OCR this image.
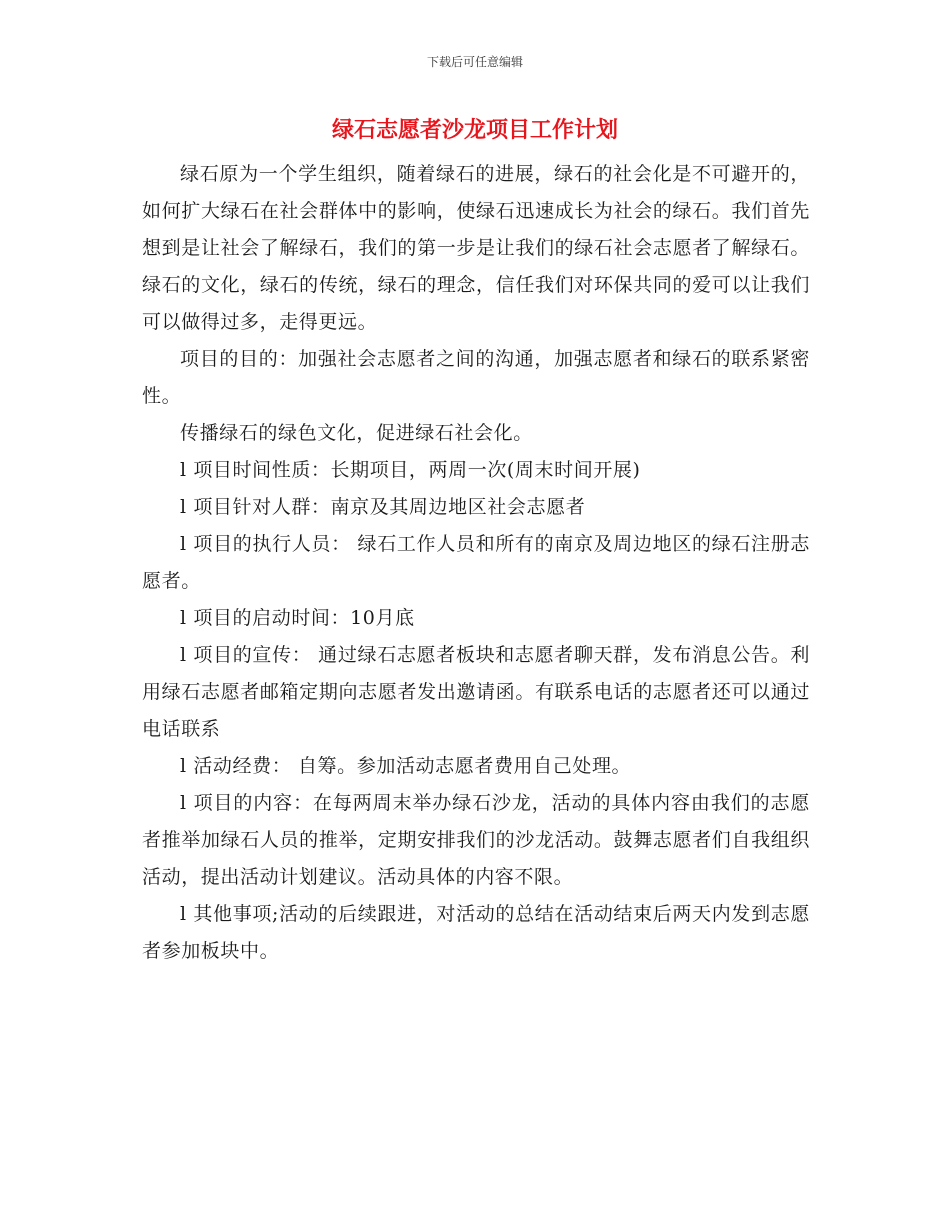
下载后可任意编辑
绿石志愿者沙龙项目工作计划

绿石原为一个学生组织，随着绿石的进展，绿石的社会化是不可避开的，如何扩大绿石在社会群体中的影响，使绿石迅速成长为社会的绿石。我们首先想到是让社会了解绿石，我们的第一步是让我们的绿石社会志愿者了解绿石。绿石的文化，绿石的传统，绿石的理念，信任我们对环保共同的爱可以让我们可以做得过多，走得更远。

项目的目的：加强社会志愿者之间的沟通，加强志愿者和绿石的联系紧密性。

传播绿石的绿色文化，促进绿石社会化。

l 项目时间性质：长期项目，两周一次(周末时间开展)

l 项目针对人群：南京及其周边地区社会志愿者

l 项目的执行人员： 绿石工作人员和所有的南京及周边地区的绿石注册志愿者。

l 项目的启动时间：10月底

l 项目的宣传： 通过绿石志愿者板块和志愿者聊天群，发布消息公告。利用绿石志愿者邮箱定期向志愿者发出邀请函。有联系电话的志愿者还可以通过电话联系

l 活动经费： 自筹。参加活动志愿者费用自己处理。

l 项目的内容：在每两周末举办绿石沙龙，活动的具体内容由我们的志愿者推举加绿石人员的推举，定期安排我们的沙龙活动。鼓舞志愿者们自我组织活动，提出活动计划建议。活动具体的内容不限。

l 其他事项;活动的后续跟进，对活动的总结在活动结束后两天内发到志愿者参加板块中。
